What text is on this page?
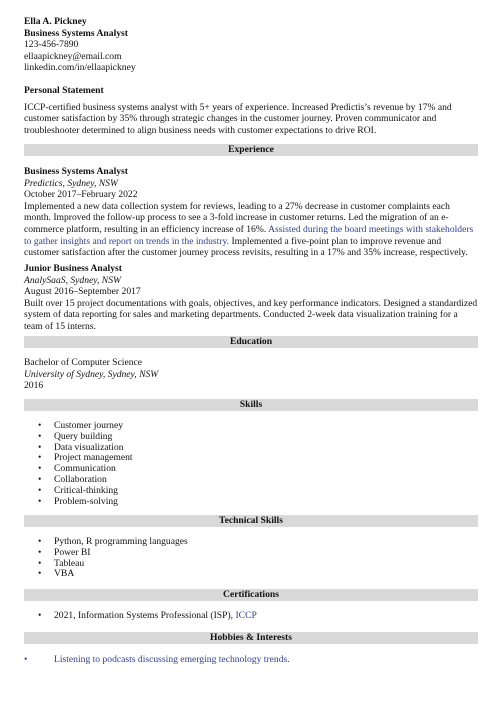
Ella A. Pickney
Business Systems Analyst
123-456-7890
ellaapickney@email.com
linkedin.com/in/ellaapickney
Personal Statement
ICCP-certified business systems analyst with 5+ years of experience. Increased Predictis’s revenue by 17% and customer satisfaction by 35% through strategic changes in the customer journey. Proven communicator and troubleshooter determined to align business needs with customer expectations to drive ROI.
Experience
Business Systems Analyst
Predictics, Sydney, NSW
October 2017–February 2022
Implemented a new data collection system for reviews, leading to a 27% decrease in customer complaints each month. Improved the follow-up process to see a 3-fold increase in customer returns. Led the migration of an e-commerce platform, resulting in an efficiency increase of 16%. Assisted during the board meetings with stakeholders to gather insights and report on trends in the industry. Implemented a five-point plan to improve revenue and customer satisfaction after the customer journey process revisits, resulting in a 17% and 35% increase, respectively.
Junior Business Analyst
AnalySaaS, Sydney, NSW
August 2016–September 2017
Built over 15 project documentations with goals, objectives, and key performance indicators. Designed a standardized system of data reporting for sales and marketing departments. Conducted 2-week data visualization training for a team of 15 interns.
Education
Bachelor of Computer Science
University of Sydney, Sydney, NSW
2016
Skills
• Customer journey
• Query building
• Data visualization
• Project management
• Communication
• Collaboration
• Critical-thinking
• Problem-solving
Technical Skills
• Python, R programming languages
• Power BI
• Tableau
• VBA
Certifications
• 2021, Information Systems Professional (ISP), ICCP
Hobbies & Interests
•	Listening to podcasts discussing emerging technology trends.
